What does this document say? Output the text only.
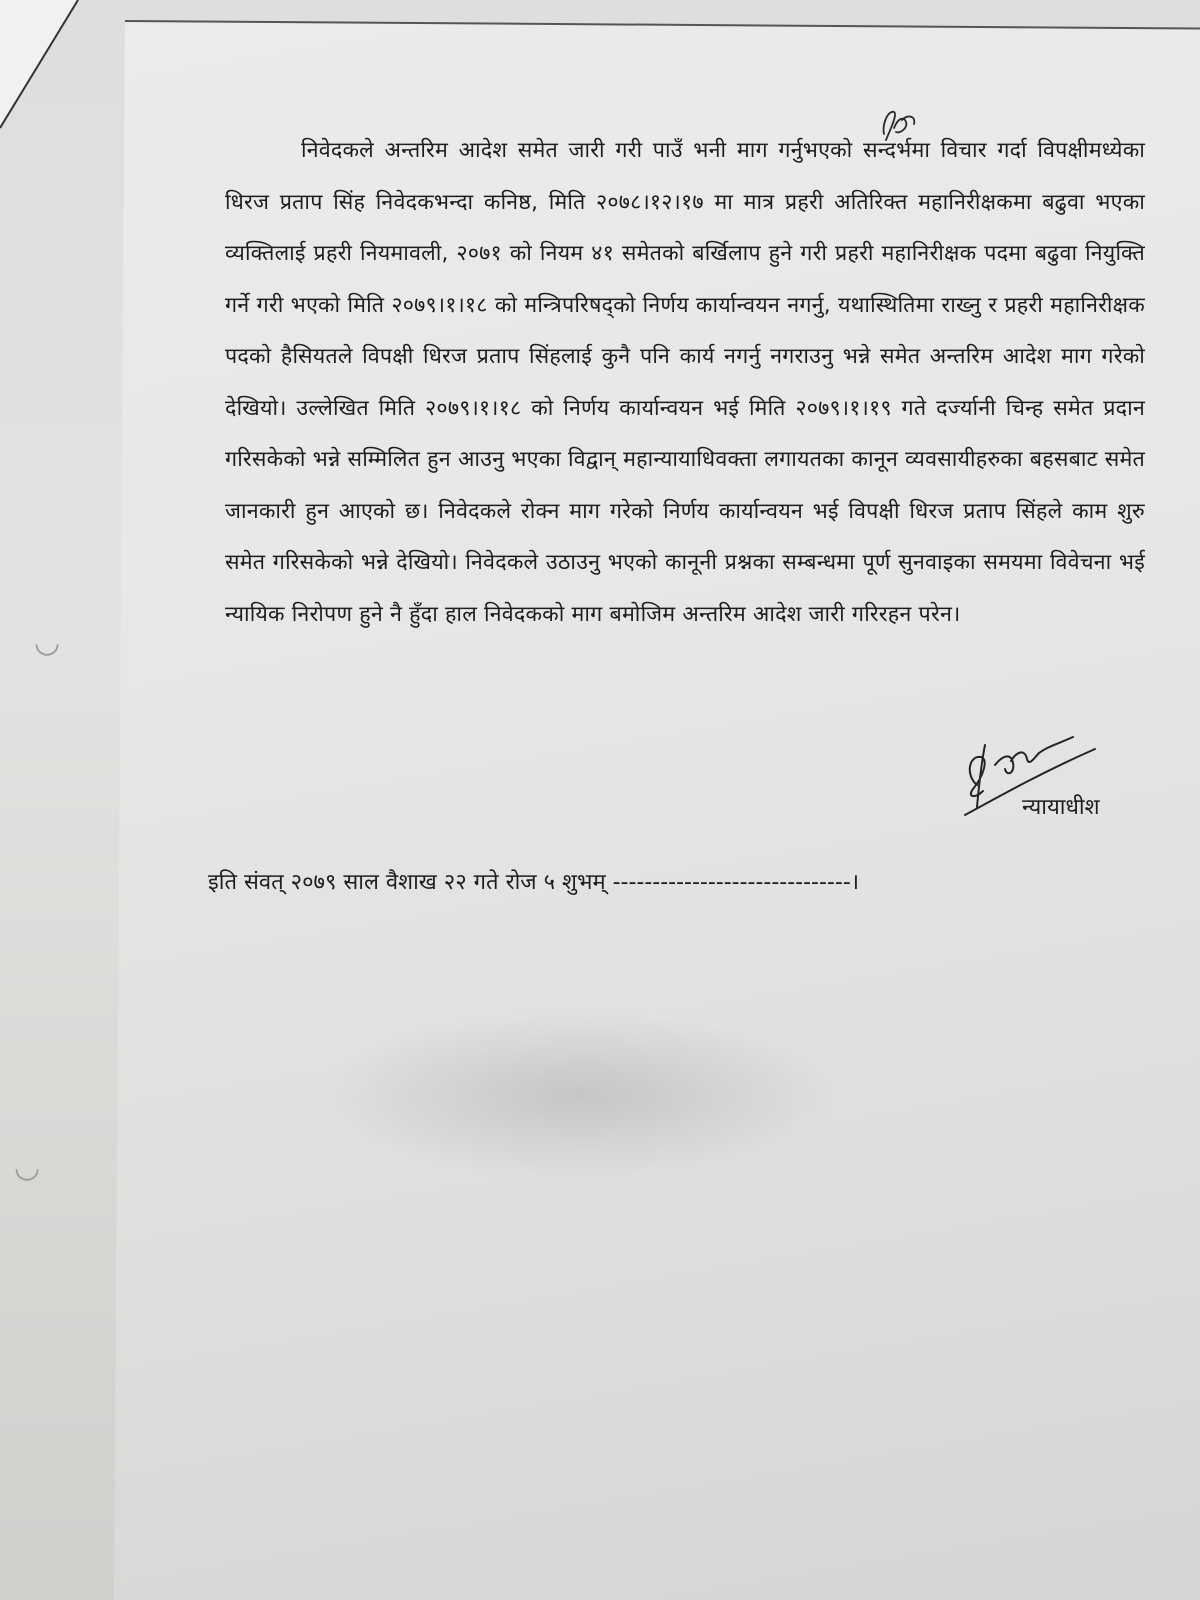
निवेदकले अन्तरिम आदेश समेत जारी गरी पाउँ भनी माग गर्नुभएको सन्दर्भमा विचार गर्दा विपक्षीमध्येका धिरज प्रताप सिंह निवेदकभन्दा कनिष्ठ, मिति २०७८।१२।१७ मा मात्र प्रहरी अतिरिक्त महानिरीक्षकमा बढुवा भएका व्यक्तिलाई प्रहरी नियमावली, २०७१ को नियम ४१ समेतको बर्खिलाप हुने गरी प्रहरी महानिरीक्षक पदमा बढुवा नियुक्ति गर्ने गरी भएको मिति २०७९।१।१८ को मन्त्रिपरिषद्को निर्णय कार्यान्वयन नगर्नु, यथास्थितिमा राख्नु र प्रहरी महानिरीक्षक पदको हैसियतले विपक्षी धिरज प्रताप सिंहलाई कुनै पनि कार्य नगर्नु नगराउनु भन्ने समेत अन्तरिम आदेश माग गरेको देखियो। उल्लेखित मिति २०७९।१।१८ को निर्णय कार्यान्वयन भई मिति २०७९।१।१९ गते दर्ज्यानी चिन्ह समेत प्रदान गरिसकेको भन्ने सम्मिलित हुन आउनु भएका विद्वान् महान्यायाधिवक्ता लगायतका कानून व्यवसायीहरुका बहसबाट समेत जानकारी हुन आएको छ। निवेदकले रोक्न माग गरेको निर्णय कार्यान्वयन भई विपक्षी धिरज प्रताप सिंहले काम शुरु समेत गरिसकेको भन्ने देखियो। निवेदकले उठाउनु भएको कानूनी प्रश्नका सम्बन्धमा पूर्ण सुनवाइका समयमा विवेचना भई न्यायिक निरोपण हुने नै हुँदा हाल निवेदकको माग बमोजिम अन्तरिम आदेश जारी गरिरहन परेन।
न्यायाधीश
इति संवत् २०७९ साल वैशाख २२ गते रोज ५ शुभम् ------------------------------।
◡
◡
